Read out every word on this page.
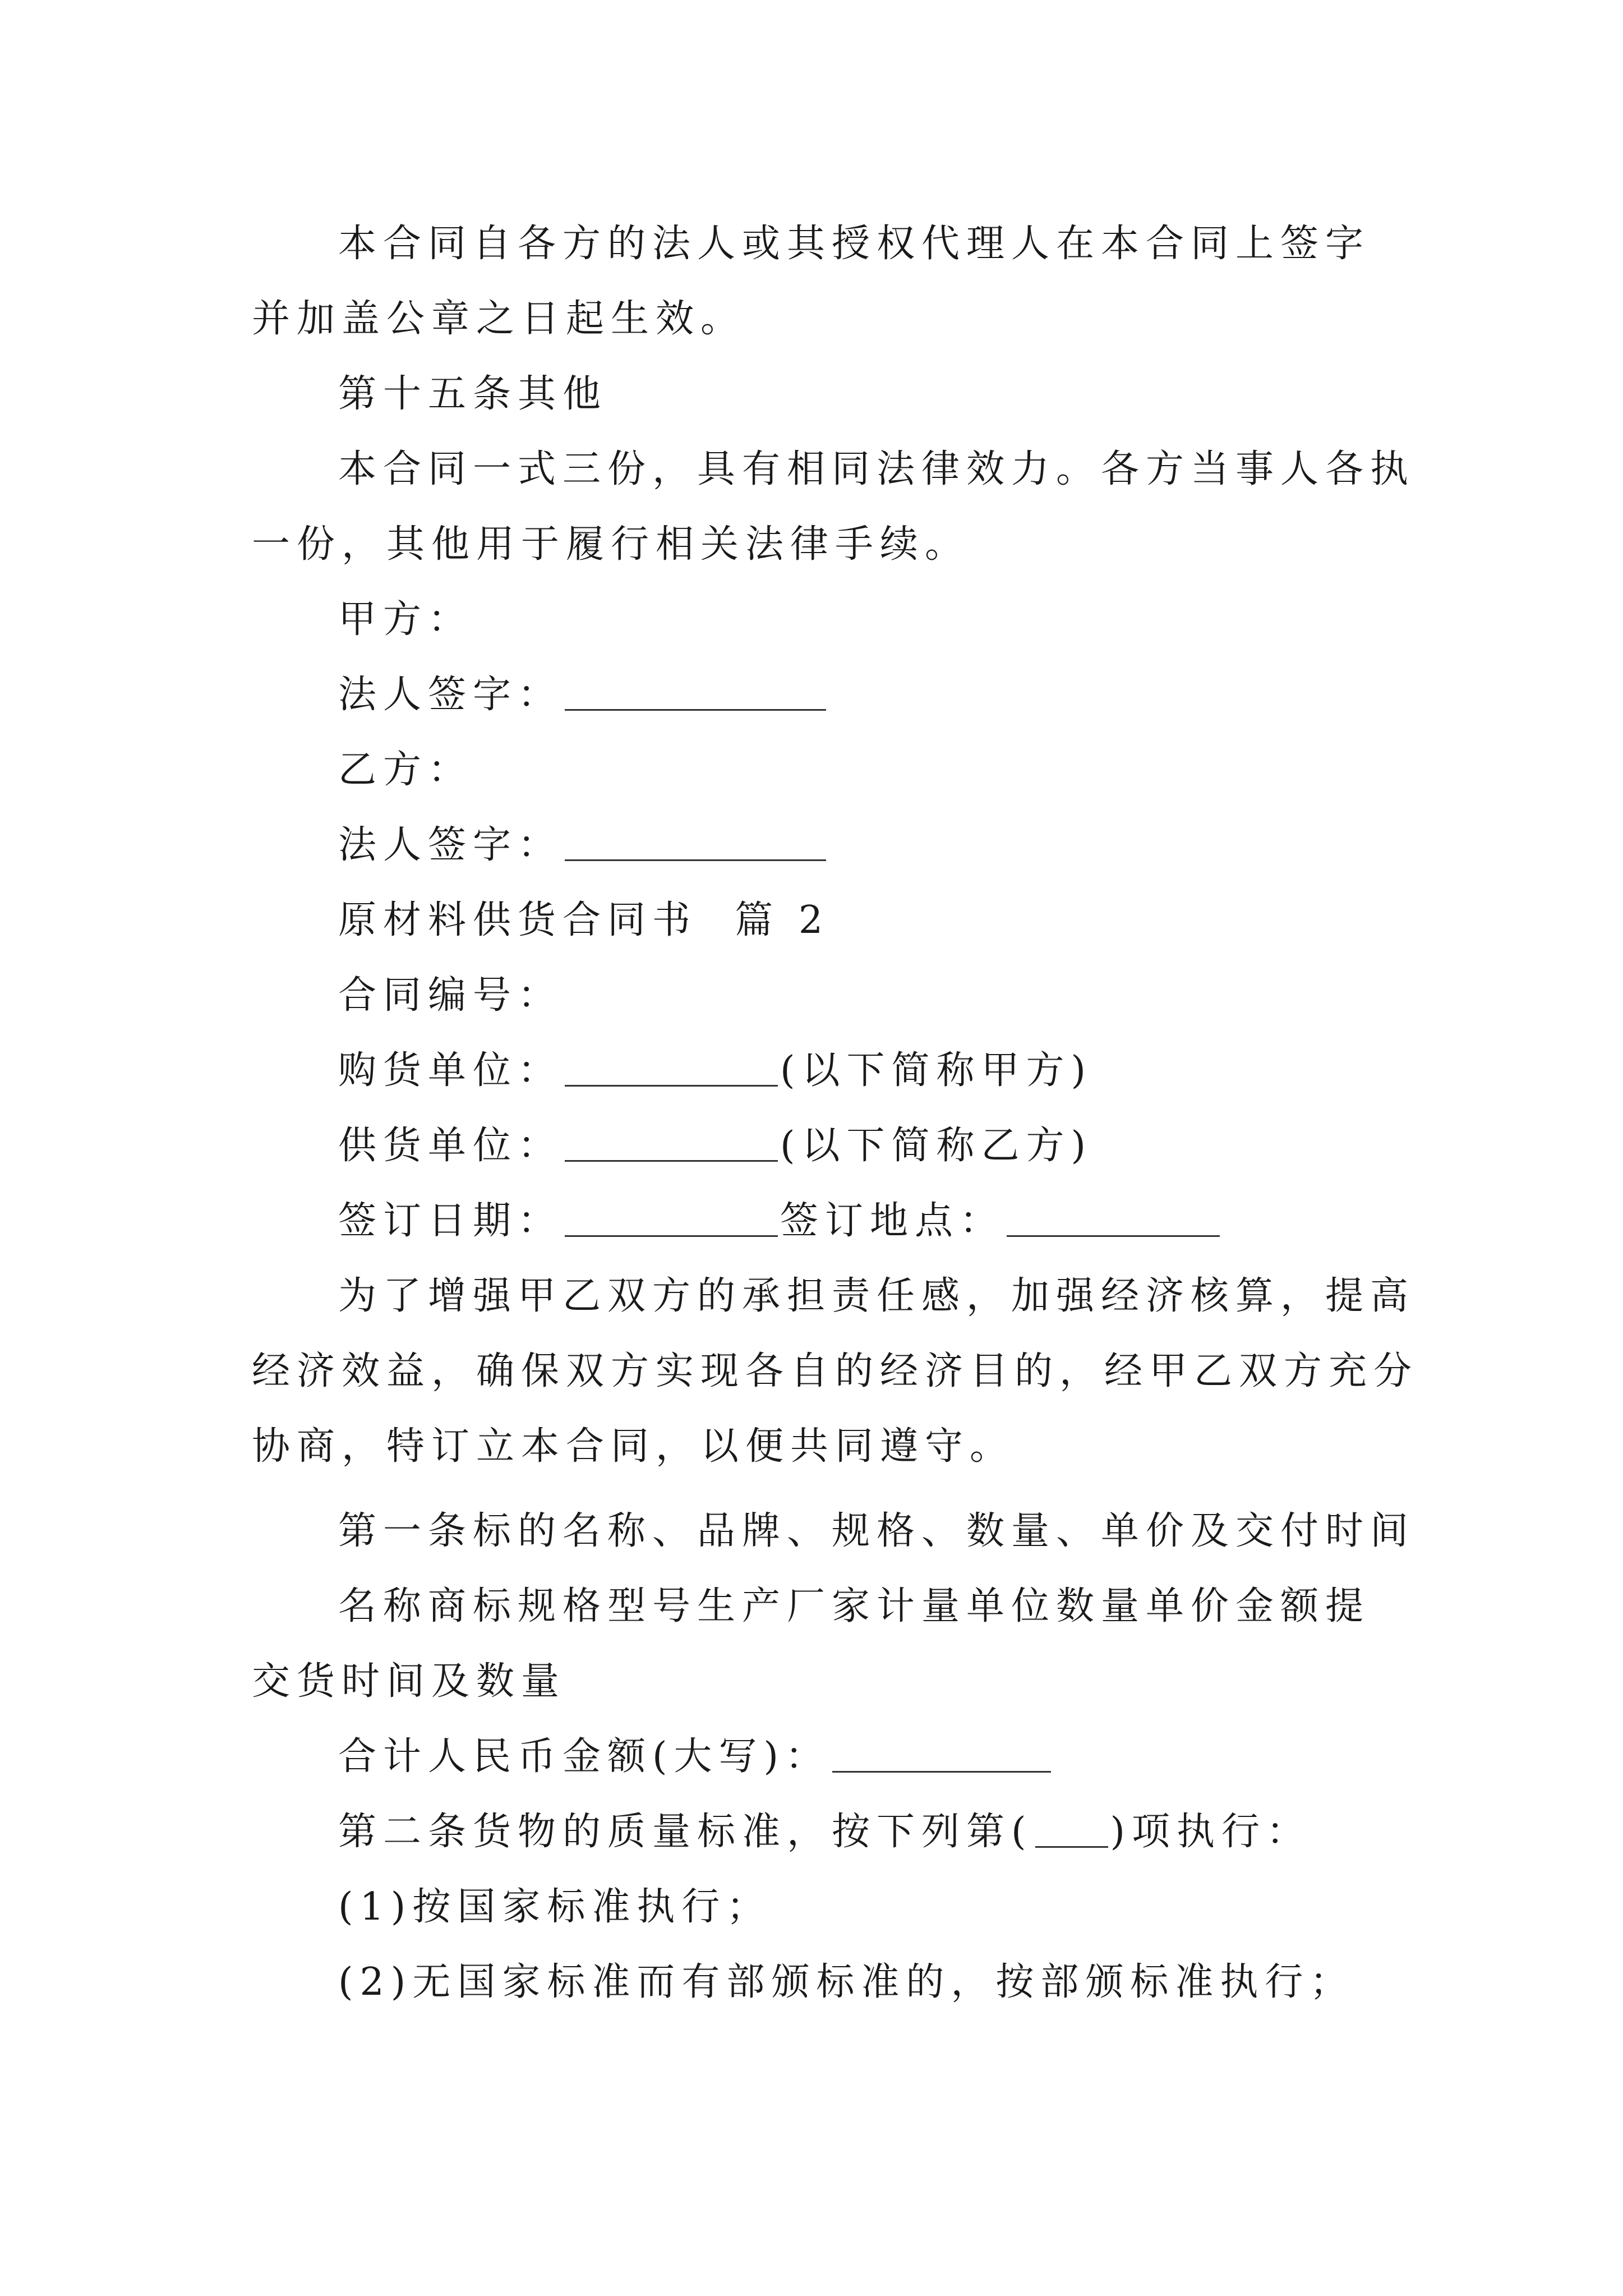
本合同自各方的法人或其授权代理人在本合同上签字
并加盖公章之日起生效。
第十五条其他
本合同一式三份，具有相同法律效力。各方当事人各执
一份，其他用于履行相关法律手续。
甲方：
法人签字：
乙方：
法人签字：
原材料供货合同书  篇 2
合同编号：
购货单位：	(以下简称甲方)
供货单位：	(以下简称乙方)
签订日期：	签订地点：
为了增强甲乙双方的承担责任感，加强经济核算，提高
经济效益，确保双方实现各自的经济目的，经甲乙双方充分
协商，特订立本合同，以便共同遵守。
第一条标的名称、品牌、规格、数量、单价及交付时间
名称商标规格型号生产厂家计量单位数量单价金额提
交货时间及数量
合计人民币金额(大写)：
第二条货物的质量标准，按下列第( )项执行：
(1)按国家标准执行；
(2)无国家标准而有部颁标准的，按部颁标准执行；
